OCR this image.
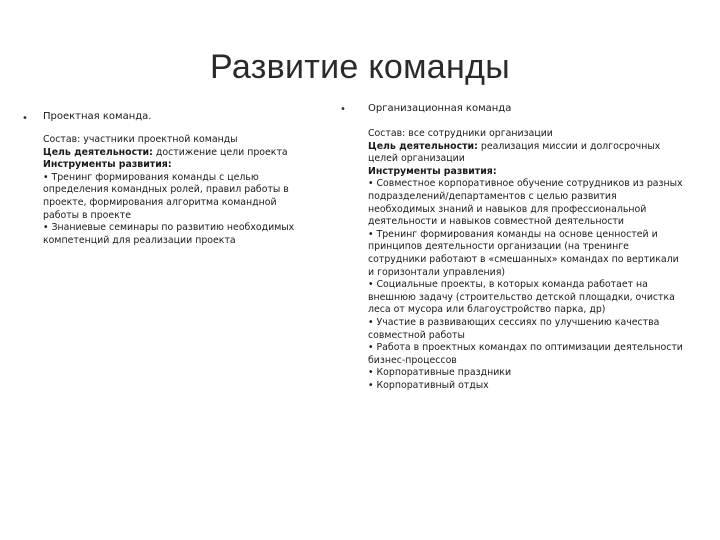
Развитие команды
• Проектная команда.
Состав: участники проектной команды
Цель деятельности: достижение цели проекта
Инструменты развития:
• Тренинг формирования команды с целью определения командных ролей, правил работы в проекте, формирования алгоритма командной работы в проекте
• Знаниевые семинары по развитию необходимых компетенций для реализации проекта
• Организационная команда
Состав: все сотрудники организации
Цель деятельности: реализация миссии и долгосрочных целей организации
Инструменты развития:
• Совместное корпоративное обучение сотрудников из разных подразделений/департаментов с целью развития необходимых знаний и навыков для профессиональной деятельности и навыков совместной деятельности
• Тренинг формирования команды на основе ценностей и принципов деятельности организации (на тренинге сотрудники работают в «смешанных» командах по вертикали и горизонтали управления)
• Социальные проекты, в которых команда работает на внешнюю задачу (строительство детской площадки, очистка леса от мусора или благоустройство парка, др)
• Участие в развивающих сессиях по улучшению качества совместной работы
• Работа в проектных командах по оптимизации деятельности бизнес-процессов
• Корпоративные праздники
• Корпоративный отдых
